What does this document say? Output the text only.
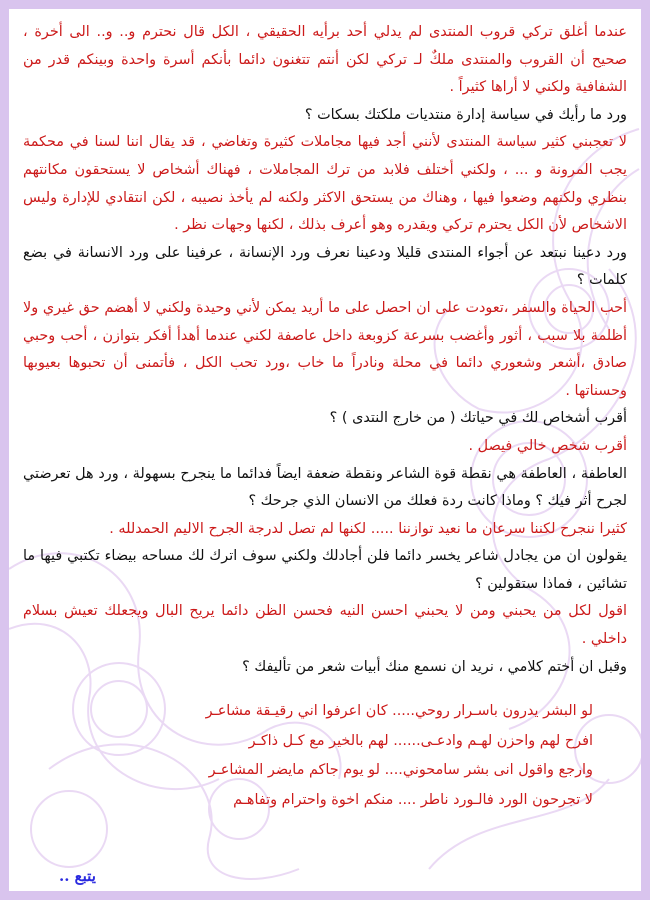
عندما أغلق تركي قروب المنتدى لم يدلي أحد برأيه الحقيقي ، الكل قال نحترم و.. و.. الى أخرة ، صحيح أن القروب والمنتدى ملكٌ لـ تركي لكن أنتم تتغنون دائما بأنكم أسرة واحدة وبينكم قدر من الشفافية ولكني لا أراها كثيراً .

ورد ما رأيك في سياسة إدارة منتديات ملكتك بسكات ؟

لا تعجبني كثير سياسة المنتدى لأنني أجد فيها مجاملات كثيرة وتغاضي ، قد يقال اننا لسنا في محكمة يجب المرونة و ... ، ولكني أختلف فلابد من ترك المجاملات ، فهناك أشخاص لا يستحقون مكانتهم بنظري ولكنهم وضعوا فيها ، وهناك من يستحق الاكثر ولكنه لم يأخذ نصيبه ، لكن انتقادي للإدارة وليس الاشخاص لأن الكل يحترم تركي ويقدره وهو أعرف بذلك ، لكنها وجهات نظر .

ورد دعينا نبتعد عن أجواء المنتدى قليلا ودعينا نعرف ورد الإنسانة ، عرفينا على ورد الانسانة في بضع كلمات ؟

أحب الحياة والسفر ،تعودت على ان احصل على ما أريد يمكن لأني وحيدة ولكني لا أهضم حق غيري ولا أظلمة بلا سبب ، أثور وأغضب بسرعة كزوبعة داخل عاصفة لكني عندما أهدأ أفكر بتوازن ، أحب وحبي صادق ،أشعر وشعوري دائما في محلة ونادراً ما خاب ،ورد تحب الكل ، فأتمنى أن تحبوها بعيوبها وحسناتها .

أقرب أشخاص لك في حياتك ( من خارج النتدى ) ؟

أقرب شخص خالي فيصل .

العاطفة ، العاطفة هي نقطة قوة الشاعر ونقطة ضعفة ايضاً فدائما ما ينجرح بسهولة ، ورد هل تعرضتي لجرح أثر فيك ؟ وماذا كانت ردة فعلك من الانسان الذي جرحك ؟

كثيرا ننجرح لكننا سرعان ما نعيد توازننا ..... لكنها لم تصل لدرجة الجرح الاليم الحمدلله .

يقولون ان من يجادل شاعر يخسر دائما فلن أجادلك ولكني سوف اترك لك مساحه بيضاء تكتبي فيها ما تشائين ، فماذا ستقولين ؟

اقول لكل من يحبني ومن لا يحبني احسن النيه فحسن الظن دائما يريح البال ويجعلك تعيش بسلام داخلي .

وقبل ان أختم كلامي ، نريد ان نسمع منك أبيات شعر من تأليفك ؟

لو البشر يدرون باسـرار روحي..... كان اعرفوا اني رقيـقة مشاعـر

افرح لهم واحزن لهـم وادعـى...... لهم بالخير مع كـل ذاكـر

وارجع واقول انى بشر سامحوني.... لو يوم جاكم مايضر المشاعـر

لا تجرحون الورد فالـورد ناطر .... منكم اخوة واحترام وتفاهـم

يتبع ..
